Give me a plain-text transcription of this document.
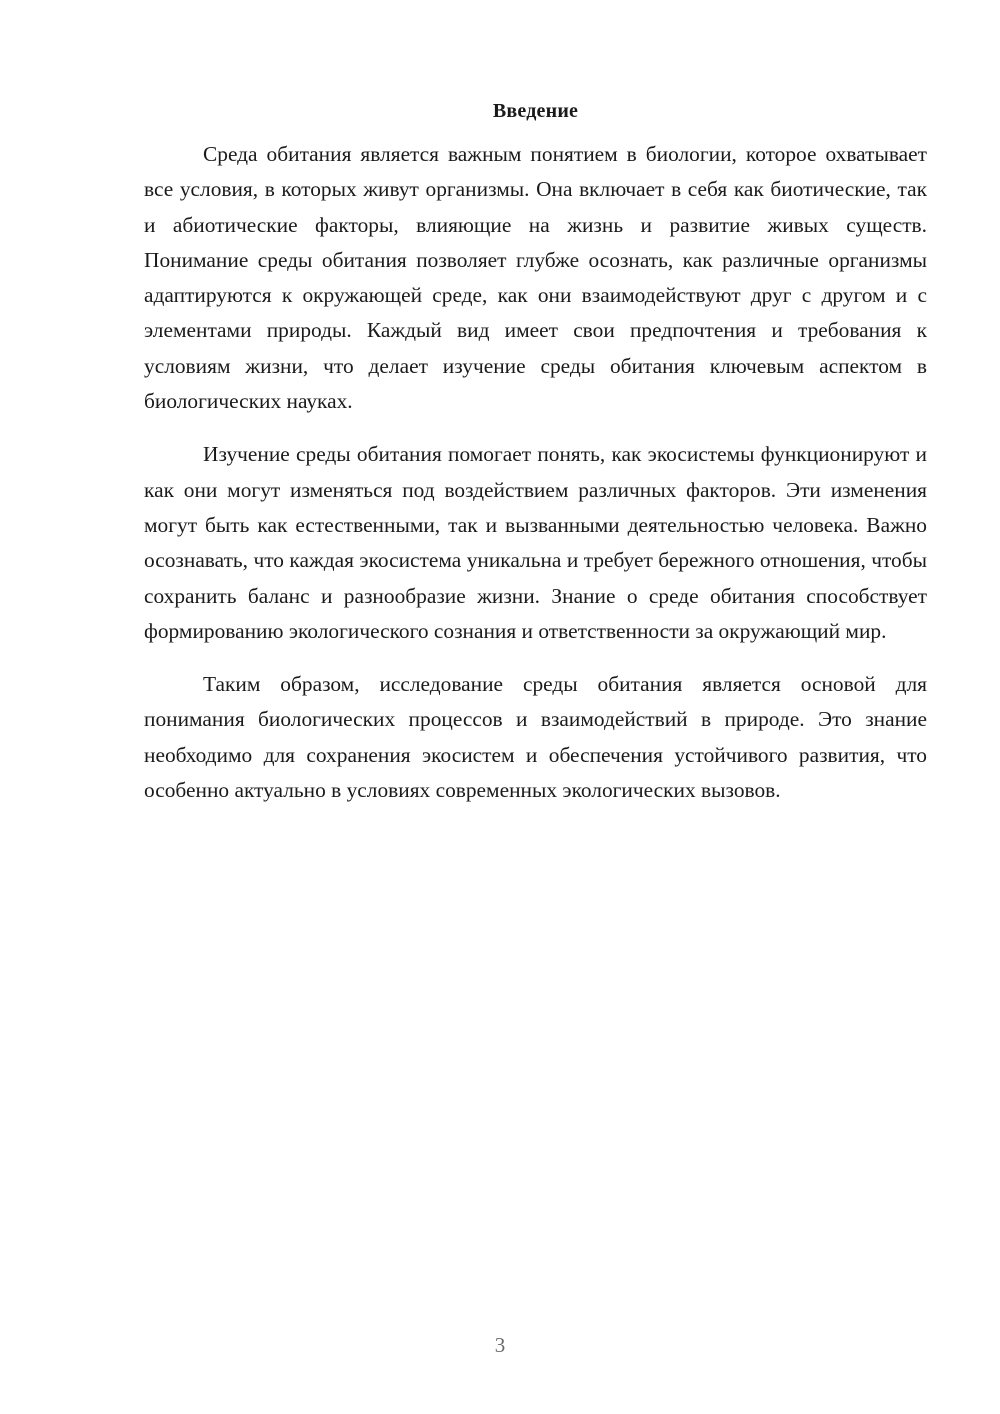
Введение

Среда обитания является важным понятием в биологии, которое охватывает все условия, в которых живут организмы. Она включает в себя как биотические, так и абиотические факторы, влияющие на жизнь и развитие живых существ. Понимание среды обитания позволяет глубже осознать, как различные организмы адаптируются к окружающей среде, как они взаимодействуют друг с другом и с элементами природы. Каждый вид имеет свои предпочтения и требования к условиям жизни, что делает изучение среды обитания ключевым аспектом в биологических науках.

Изучение среды обитания помогает понять, как экосистемы функционируют и как они могут изменяться под воздействием различных факторов. Эти изменения могут быть как естественными, так и вызванными деятельностью человека. Важно осознавать, что каждая экосистема уникальна и требует бережного отношения, чтобы сохранить баланс и разнообразие жизни. Знание о среде обитания способствует формированию экологического сознания и ответственности за окружающий мир.

Таким образом, исследование среды обитания является основой для понимания биологических процессов и взаимодействий в природе. Это знание необходимо для сохранения экосистем и обеспечения устойчивого развития, что особенно актуально в условиях современных экологических вызовов.

3
